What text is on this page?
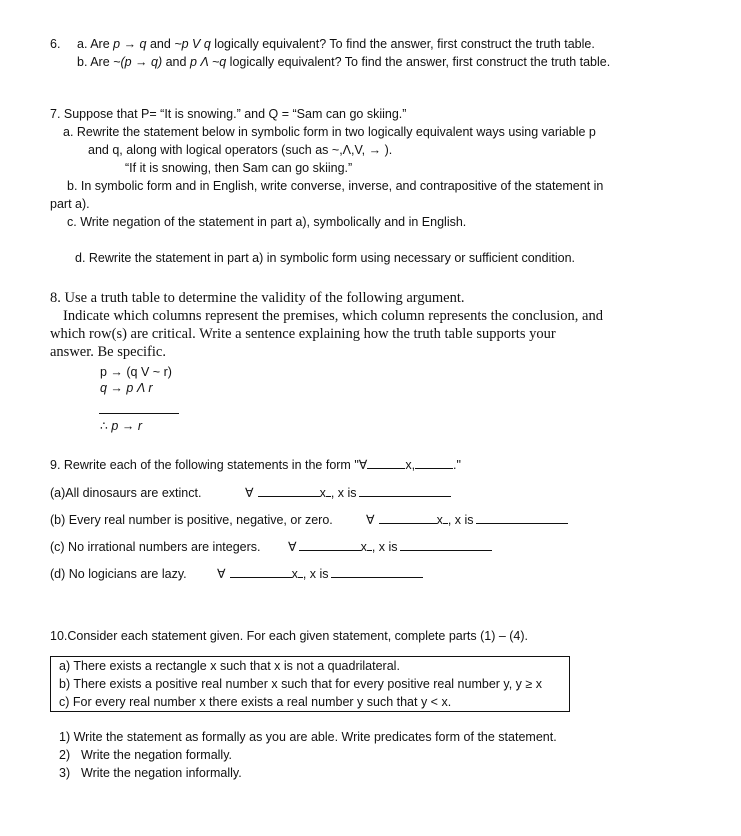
6. a. Are p → q and ~p V q logically equivalent? To find the answer, first construct the truth table.
b. Are ~(p → q) and p Λ ~q logically equivalent? To find the answer, first construct the truth table.
7. Suppose that P= “It is snowing.” and Q = “Sam can go skiing.”
a. Rewrite the statement below in symbolic form in two logically equivalent ways using variable p
and q, along with logical operators (such as ~,Λ,V, → ).
“If it is snowing, then Sam can go skiing.”
b. In symbolic form and in English, write converse, inverse, and contrapositive of the statement in
part a).
c. Write negation of the statement in part a), symbolically and in English.
d. Rewrite the statement in part a) in symbolic form using necessary or sufficient condition.
8. Use a truth table to determine the validity of the following argument.
Indicate which columns represent the premises, which column represents the conclusion, and
which row(s) are critical. Write a sentence explaining how the truth table supports your
answer. Be specific.
p → (q V ~ r)
q → p Λ r
∴ p → r
9. Rewrite each of the following statements in the form "∀	x,	."
(a)All dinosaurs are extinct.	∀	x , x is
(b) Every real number is positive, negative, or zero.	∀	x , x is
(c) No irrational numbers are integers. ∀	x , x is
(d) No logicians are lazy. ∀	x , x is
10.Consider each statement given. For each given statement, complete parts (1) – (4).
a) There exists a rectangle x such that x is not a quadrilateral.
b) There exists a positive real number x such that for every positive real number y, y ≥ x
c) For every real number x there exists a real number y such that y < x.
1) Write the statement as formally as you are able. Write predicates form of the statement.
2) Write the negation formally.
3) Write the negation informally.
